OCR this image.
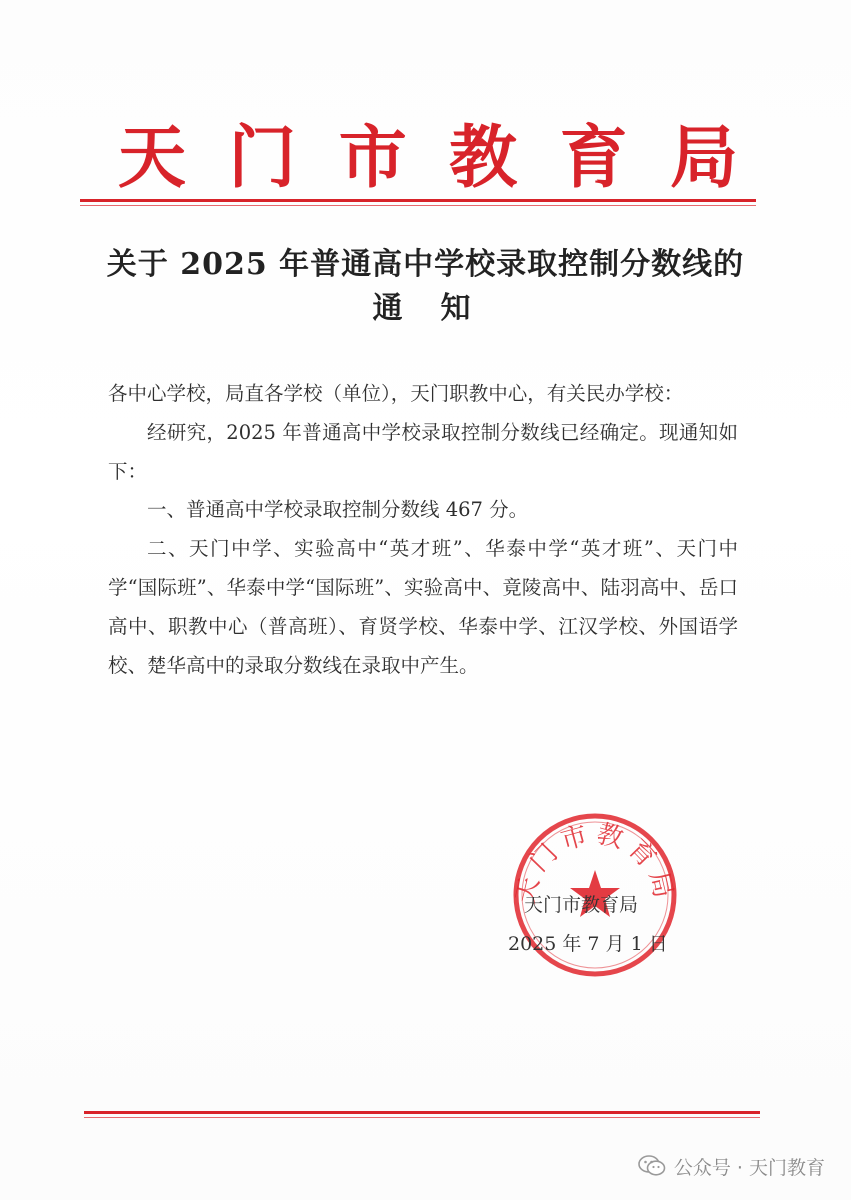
天 门 市 教 育 局
关于 2025 年普通高中学校录取控制分数线的
通知

各中心学校，局直各学校（单位），天门职教中心，有关民办学校：

经研究，2025 年普通高中学校录取控制分数线已经确定。现通知如下：

一、普通高中学校录取控制分数线 467 分。

二、天门中学、实验高中“英才班”、华泰中学“英才班”、天门中学“国际班”、华泰中学“国际班”、实验高中、竟陵高中、陆羽高中、岳口高中、职教中心（普高班）、育贤学校、华泰中学、江汉学校、外国语学校、楚华高中的录取分数线在录取中产生。

天门市教育局
天门市教育局
2025 年 7 月 1 日
公众号 · 天门教育
